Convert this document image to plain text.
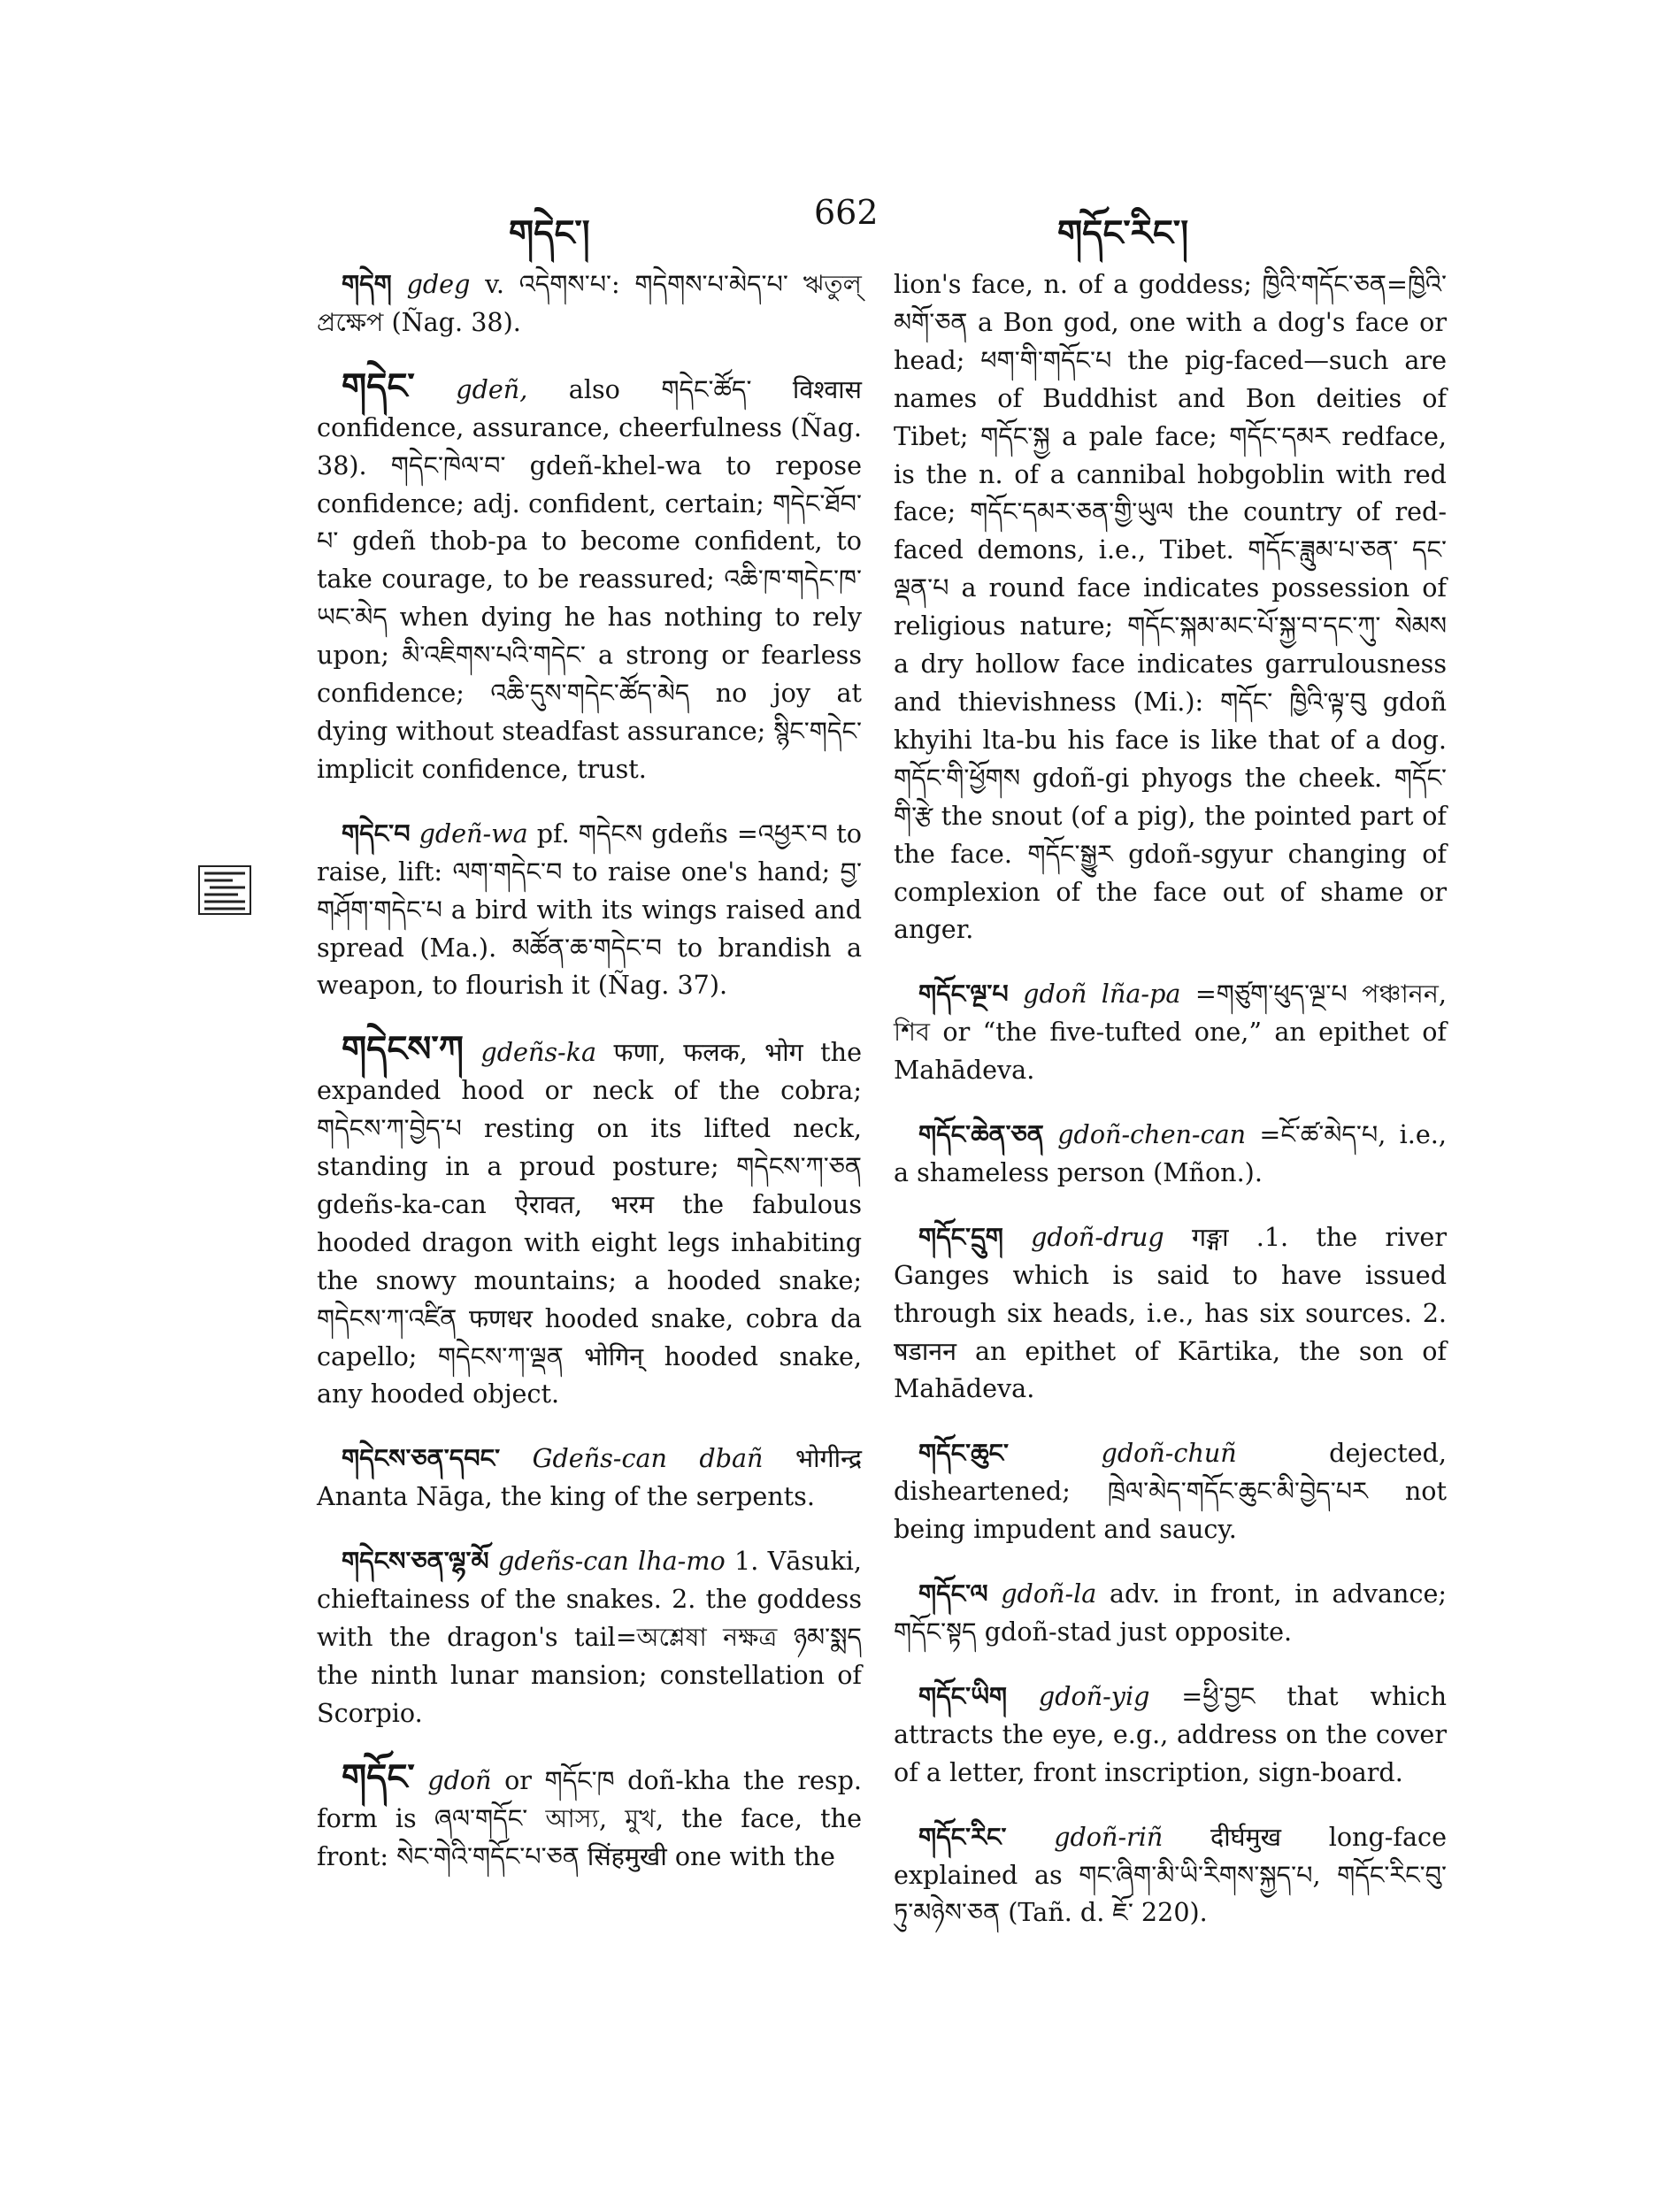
གདེང་།	662	གདོང་རིང་།
གདེག gdeg v. འདེགས་པ་: གདེགས་པ་མེད་པ་ ঋতুল্ প্রক্ষেপ (Ñag. 38).
གདེང་ gdeñ, also གདེང་ཚོད་ विश्वास confidence, assurance, cheerfulness (Ñag. 38). གདེང་ཁེལ་བ་ gdeñ-khel-wa to repose confidence; adj. confident, certain; གདེང་ཐོབ་པ་ gdeñ thob-pa to become confident, to take courage, to be reassured; འཆི་ཁ་གདེང་ཁ་ཡང་མེད when dying he has nothing to rely upon; མི་འཇིགས་པའི་གདེང་ a strong or fearless confidence; འཆི་དུས་གདེང་ཚོད་མེད no joy at dying without steadfast assurance; སྙིང་གདེང་ implicit confidence, trust.
གདེང་བ gdeñ-wa pf. གདེངས gdeñs =འཕྱར་བ to raise, lift: ལག་གདེང་བ to raise one's hand; བྱ་གཤོག་གདེང་པ a bird with its wings raised and spread (Ma.). མཚོན་ཆ་གདེང་བ to brandish a weapon, to flourish it (Ñag. 37).
གདེངས་ཀ gdeñs-ka फणा, फलक, भोग the expanded hood or neck of the cobra; གདེངས་ཀ་བྱེད་པ resting on its lifted neck, standing in a proud posture; གདེངས་ཀ་ཅན gdeñs-ka-can ऐरावत, भरम the fabulous hooded dragon with eight legs inhabiting the snowy mountains; a hooded snake; གདེངས་ཀ་འཛིན फणधर hooded snake, cobra da capello; གདེངས་ཀ་ལྡན भोगिन् hooded snake, any hooded object.
གདེངས་ཅན་དབང་ Gdeñs-can dbañ भोगीन्द्र Ananta Nāga, the king of the serpents.
གདེངས་ཅན་ལྷ་མོ gdeñs-can lha-mo 1. Vāsuki, chieftainess of the snakes. 2. the goddess with the dragon's tail=অশ্লেষা নক্ষত্র ཉམ་སྨད the ninth lunar mansion; constellation of Scorpio.
གདོང་ gdoñ or གདོང་ཁ doñ-kha the resp. form is ཞལ་གདོང་ আস্য, মুখ, the face, the front: སེང་གེའི་གདོང་པ་ཅན सिंहमुखी one with the
lion's face, n. of a goddess; ཁྱིའི་གདོང་ཅན=ཁྱིའི་མགོ་ཅན a Bon god, one with a dog's face or head; ཕག་གི་གདོང་པ the pig-faced—such are names of Buddhist and Bon deities of Tibet; གདོང་སྐྱ a pale face; གདོང་དམར redface, is the n. of a cannibal hobgoblin with red face; གདོང་དམར་ཅན་གྱི་ཡུལ the country of red-faced demons, i.e., Tibet. གདོང་ཟླུམ་པ་ཅན་ དང་ལྡན་པ a round face indicates possession of religious nature; གདོང་སྐམ་མང་པོ་སྐྱ་བ་དང་ཀུ་ སེམས a dry hollow face indicates garrulousness and thievishness (Mi.): གདོང་ ཁྱིའི་ལྟ་བུ gdoñ khyihi lta-bu his face is like that of a dog. གདོང་གི་ཕྱོགས gdoñ-gi phyogs the cheek. གདོང་གི་རྩེ the snout (of a pig), the pointed part of the face. གདོང་སྒྱུར gdoñ-sgyur changing of complexion of the face out of shame or anger.
གདོང་ལྔ་པ gdoñ lña-pa =གཙུག་ཕུད་ལྔ་པ পঞ্চানন, শিব or “the five-tufted one,” an epithet of Mahādeva.
གདོང་ཆེན་ཅན gdoñ-chen-can =ངོ་ཚ་མེད་པ, i.e., a shameless person (Mñon.).
གདོང་དྲུག gdoñ-drug गङ्गा .1. the river Ganges which is said to have issued through six heads, i.e., has six sources. 2. षडानन an epithet of Kārtika, the son of Mahādeva.
གདོང་ཆུང་	gdoñ-chuñ	dejected, disheartened; ཁྲེལ་མེད་གདོང་ཆུང་མི་བྱེད་པར not being impudent and saucy.
གདོང་ལ gdoñ-la adv. in front, in advance; གདོང་སྟད gdoñ-stad just opposite.
གདོང་ཡིག gdoñ-yig =ཕྱི་བྱང that which attracts the eye, e.g., address on the cover of a letter, front inscription, sign-board.
གདོང་རིང་ gdoñ-riñ दीर्घमुख long-face explained as གང་ཞིག་མི་ཡི་རིགས་སྐྱད་པ, གདོང་རིང་བུ་ ཏུ་མཉེས་ཅན (Tañ. d. ཇོ་ 220).
